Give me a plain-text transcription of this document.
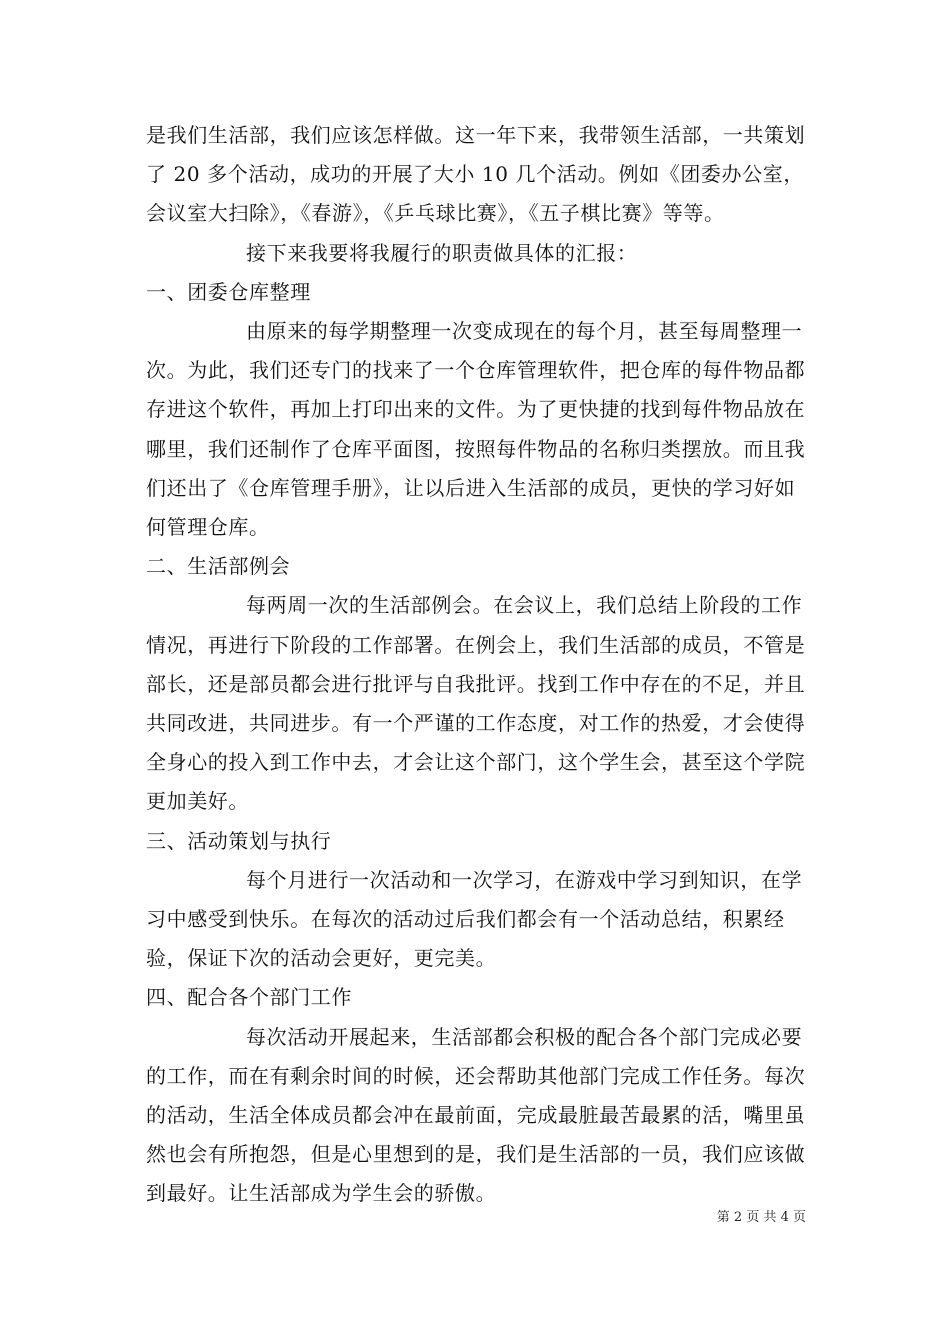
是我们生活部，我们应该怎样做。这一年下来，我带领生活部，一共策划了 20 多个活动，成功的开展了大小 10 几个活动。例如《团委办公室，会议室大扫除》，《春游》，《乒乓球比赛》，《五子棋比赛》等等。

接下来我要将我履行的职责做具体的汇报：

一、团委仓库整理

由原来的每学期整理一次变成现在的每个月，甚至每周整理一次。为此，我们还专门的找来了一个仓库管理软件，把仓库的每件物品都存进这个软件，再加上打印出来的文件。为了更快捷的找到每件物品放在哪里，我们还制作了仓库平面图，按照每件物品的名称归类摆放。而且我们还出了《仓库管理手册》，让以后进入生活部的成员，更快的学习好如何管理仓库。

二、生活部例会

每两周一次的生活部例会。在会议上，我们总结上阶段的工作情况，再进行下阶段的工作部署。在例会上，我们生活部的成员，不管是部长，还是部员都会进行批评与自我批评。找到工作中存在的不足，并且共同改进，共同进步。有一个严谨的工作态度，对工作的热爱，才会使得全身心的投入到工作中去，才会让这个部门，这个学生会，甚至这个学院更加美好。

三、活动策划与执行

每个月进行一次活动和一次学习，在游戏中学习到知识，在学习中感受到快乐。在每次的活动过后我们都会有一个活动总结，积累经验，保证下次的活动会更好，更完美。

四、配合各个部门工作

每次活动开展起来，生活部都会积极的配合各个部门完成必要的工作，而在有剩余时间的时候，还会帮助其他部门完成工作任务。每次的活动，生活全体成员都会冲在最前面，完成最脏最苦最累的活，嘴里虽然也会有所抱怨，但是心里想到的是，我们是生活部的一员，我们应该做到最好。让生活部成为学生会的骄傲。

第 2 页 共 4 页
